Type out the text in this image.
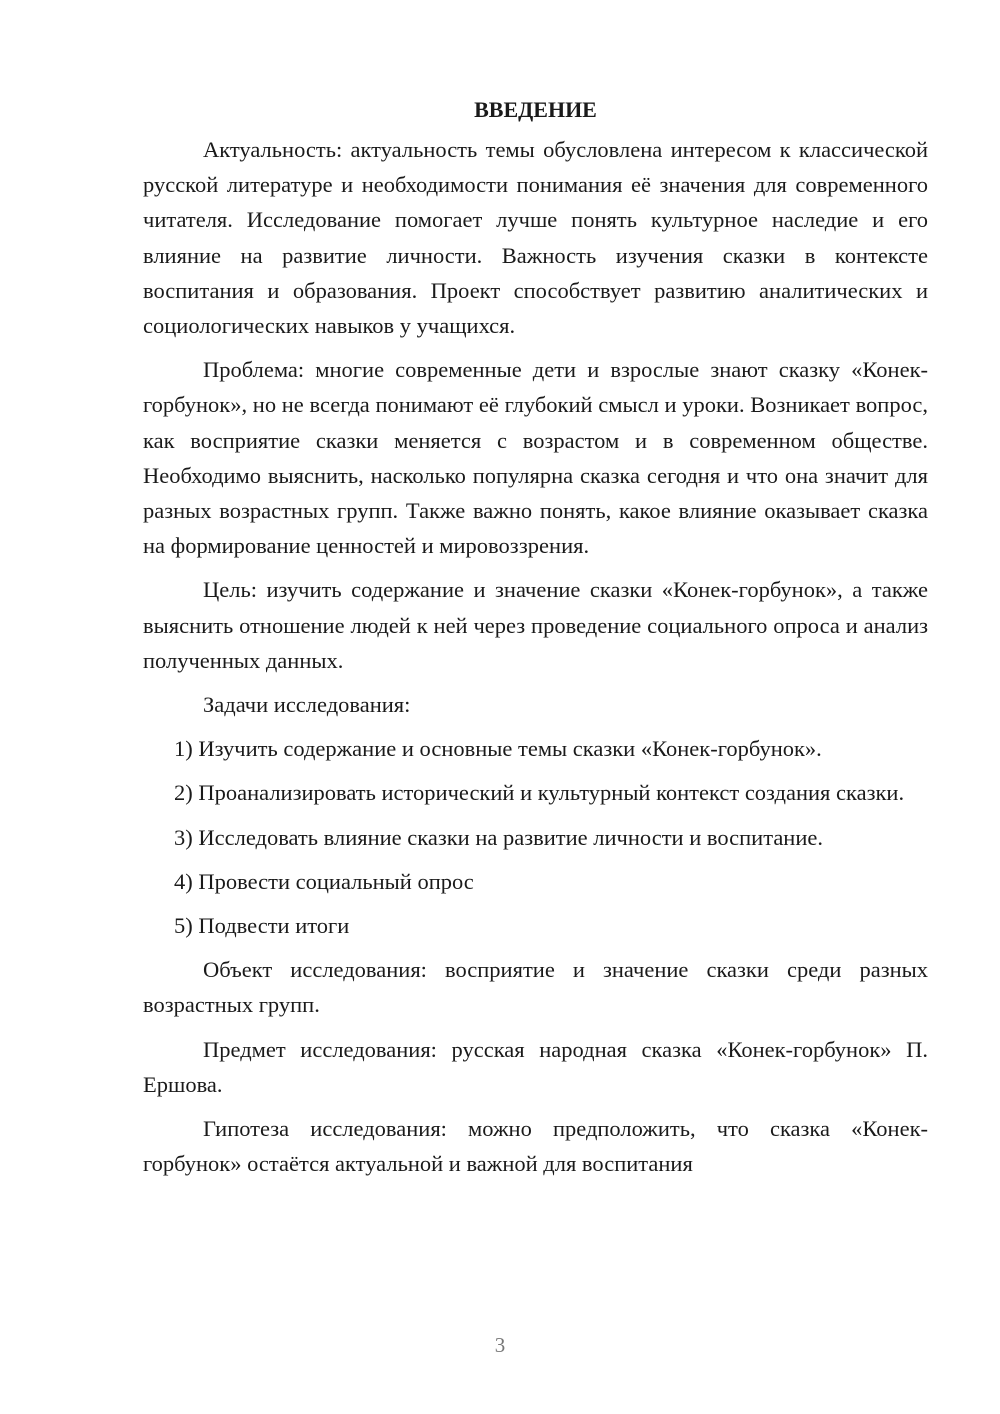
ВВЕДЕНИЕ

Актуальность: актуальность темы обусловлена интересом к классической русской литературе и необходимости понимания её значения для современного читателя. Исследование помогает лучше понять культурное наследие и его влияние на развитие личности. Важность изучения сказки в контексте воспитания и образования. Проект способствует развитию аналитических и социологических навыков у учащихся.

Проблема: многие современные дети и взрослые знают сказку «Конек-горбунок», но не всегда понимают её глубокий смысл и уроки. Возникает вопрос, как восприятие сказки меняется с возрастом и в современном обществе. Необходимо выяснить, насколько популярна сказка сегодня и что она значит для разных возрастных групп. Также важно понять, какое влияние оказывает сказка на формирование ценностей и мировоззрения.

Цель: изучить содержание и значение сказки «Конек-горбунок», а также выяснить отношение людей к ней через проведение социального опроса и анализ полученных данных.

Задачи исследования:

1) Изучить содержание и основные темы сказки «Конек-горбунок».

2) Проанализировать исторический и культурный контекст создания сказки.

3) Исследовать влияние сказки на развитие личности и воспитание.

4) Провести социальный опрос

5) Подвести итоги

Объект исследования: восприятие и значение сказки среди разных возрастных групп.

Предмет исследования: русская народная сказка «Конек-горбунок» П. Ершова.

Гипотеза исследования: можно предположить, что сказка «Конек-горбунок» остаётся актуальной и важной для воспитания

3
